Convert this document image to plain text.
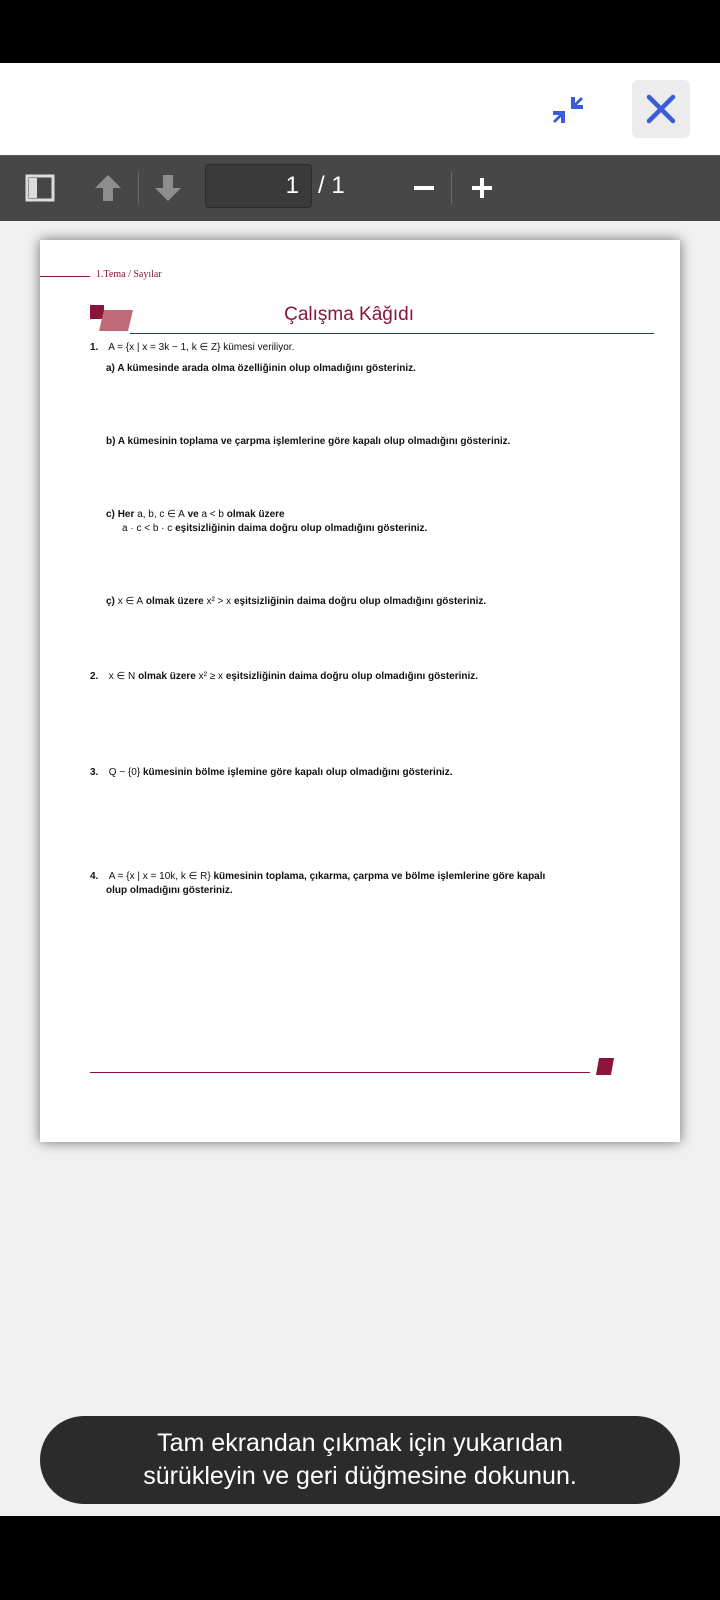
1 / 1
1.Tema / Sayılar
Çalışma Kâğıdı
1. A = {x | x = 3k − 1, k ∈ Z} kümesi veriliyor.
a) A kümesinde arada olma özelliğinin olup olmadığını gösteriniz.
b) A kümesinin toplama ve çarpma işlemlerine göre kapalı olup olmadığını gösteriniz.
c) Her a, b, c ∈ A ve a < b olmak üzere
a · c < b · c eşitsizliğinin daima doğru olup olmadığını gösteriniz.
ç) x ∈ A olmak üzere x² > x eşitsizliğinin daima doğru olup olmadığını gösteriniz.
2. x ∈ N olmak üzere x² ≥ x eşitsizliğinin daima doğru olup olmadığını gösteriniz.
3. Q − {0} kümesinin bölme işlemine göre kapalı olup olmadığını gösteriniz.
4. A = {x | x = 10k, k ∈ R} kümesinin toplama, çıkarma, çarpma ve bölme işlemlerine göre kapalı
olup olmadığını gösteriniz.
Tam ekrandan çıkmak için yukarıdan
sürükleyin ve geri düğmesine dokunun.
